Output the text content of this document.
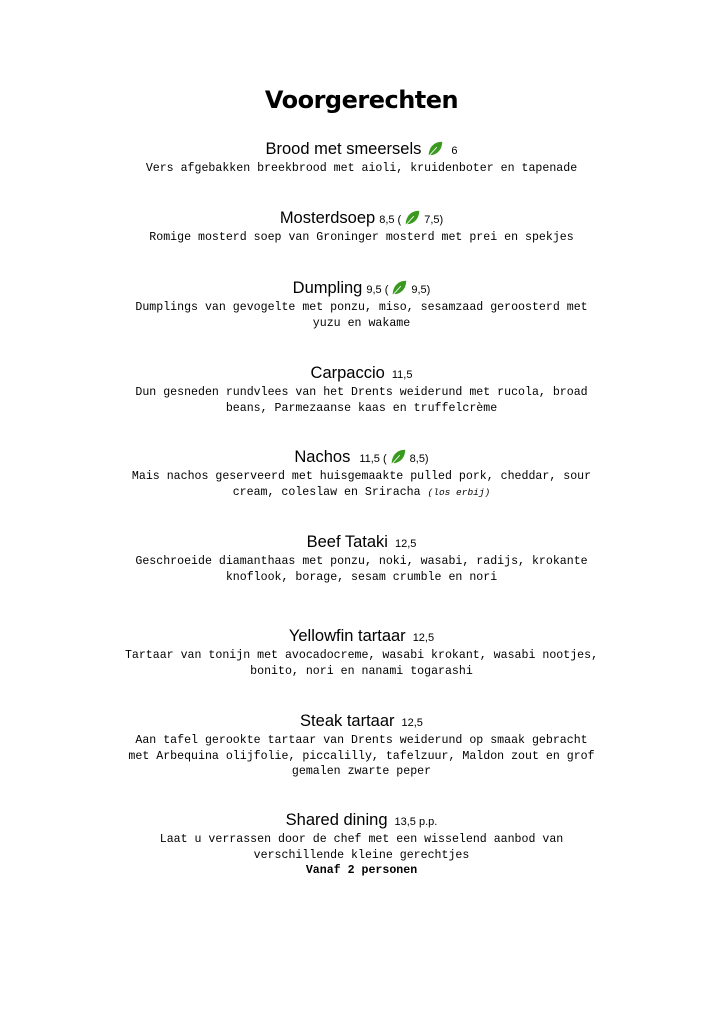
Voorgerechten
Brood met smeersels	6
Vers afgebakken breekbrood met aioli, kruidenboter en tapenade
Mosterdsoep 8,5 ( 7,5)
Romige mosterd soep van Groninger mosterd met prei en spekjes
Dumpling 9,5 ( 9,5)
Dumplings van gevogelte met ponzu, miso, sesamzaad geroosterd met
yuzu en wakame
Carpaccio 11,5
Dun gesneden rundvlees van het Drents weiderund met rucola, broad
beans, Parmezaanse kaas en truffelcrème
Nachos 11,5 ( 8,5)
Mais nachos geserveerd met huisgemaakte pulled pork, cheddar, sour
cream, coleslaw en Sriracha (los erbij)
Beef Tataki 12,5
Geschroeide diamanthaas met ponzu, noki, wasabi, radijs, krokante
knoflook, borage, sesam crumble en nori
Yellowfin tartaar 12,5
Tartaar van tonijn met avocadocreme, wasabi krokant, wasabi nootjes,
bonito, nori en nanami togarashi
Steak tartaar 12,5
Aan tafel gerookte tartaar van Drents weiderund op smaak gebracht
met Arbequina olijfolie, piccalilly, tafelzuur, Maldon zout en grof
gemalen zwarte peper
Shared dining 13,5 p.p.
Laat u verrassen door de chef met een wisselend aanbod van
verschillende kleine gerechtjes
Vanaf 2 personen
